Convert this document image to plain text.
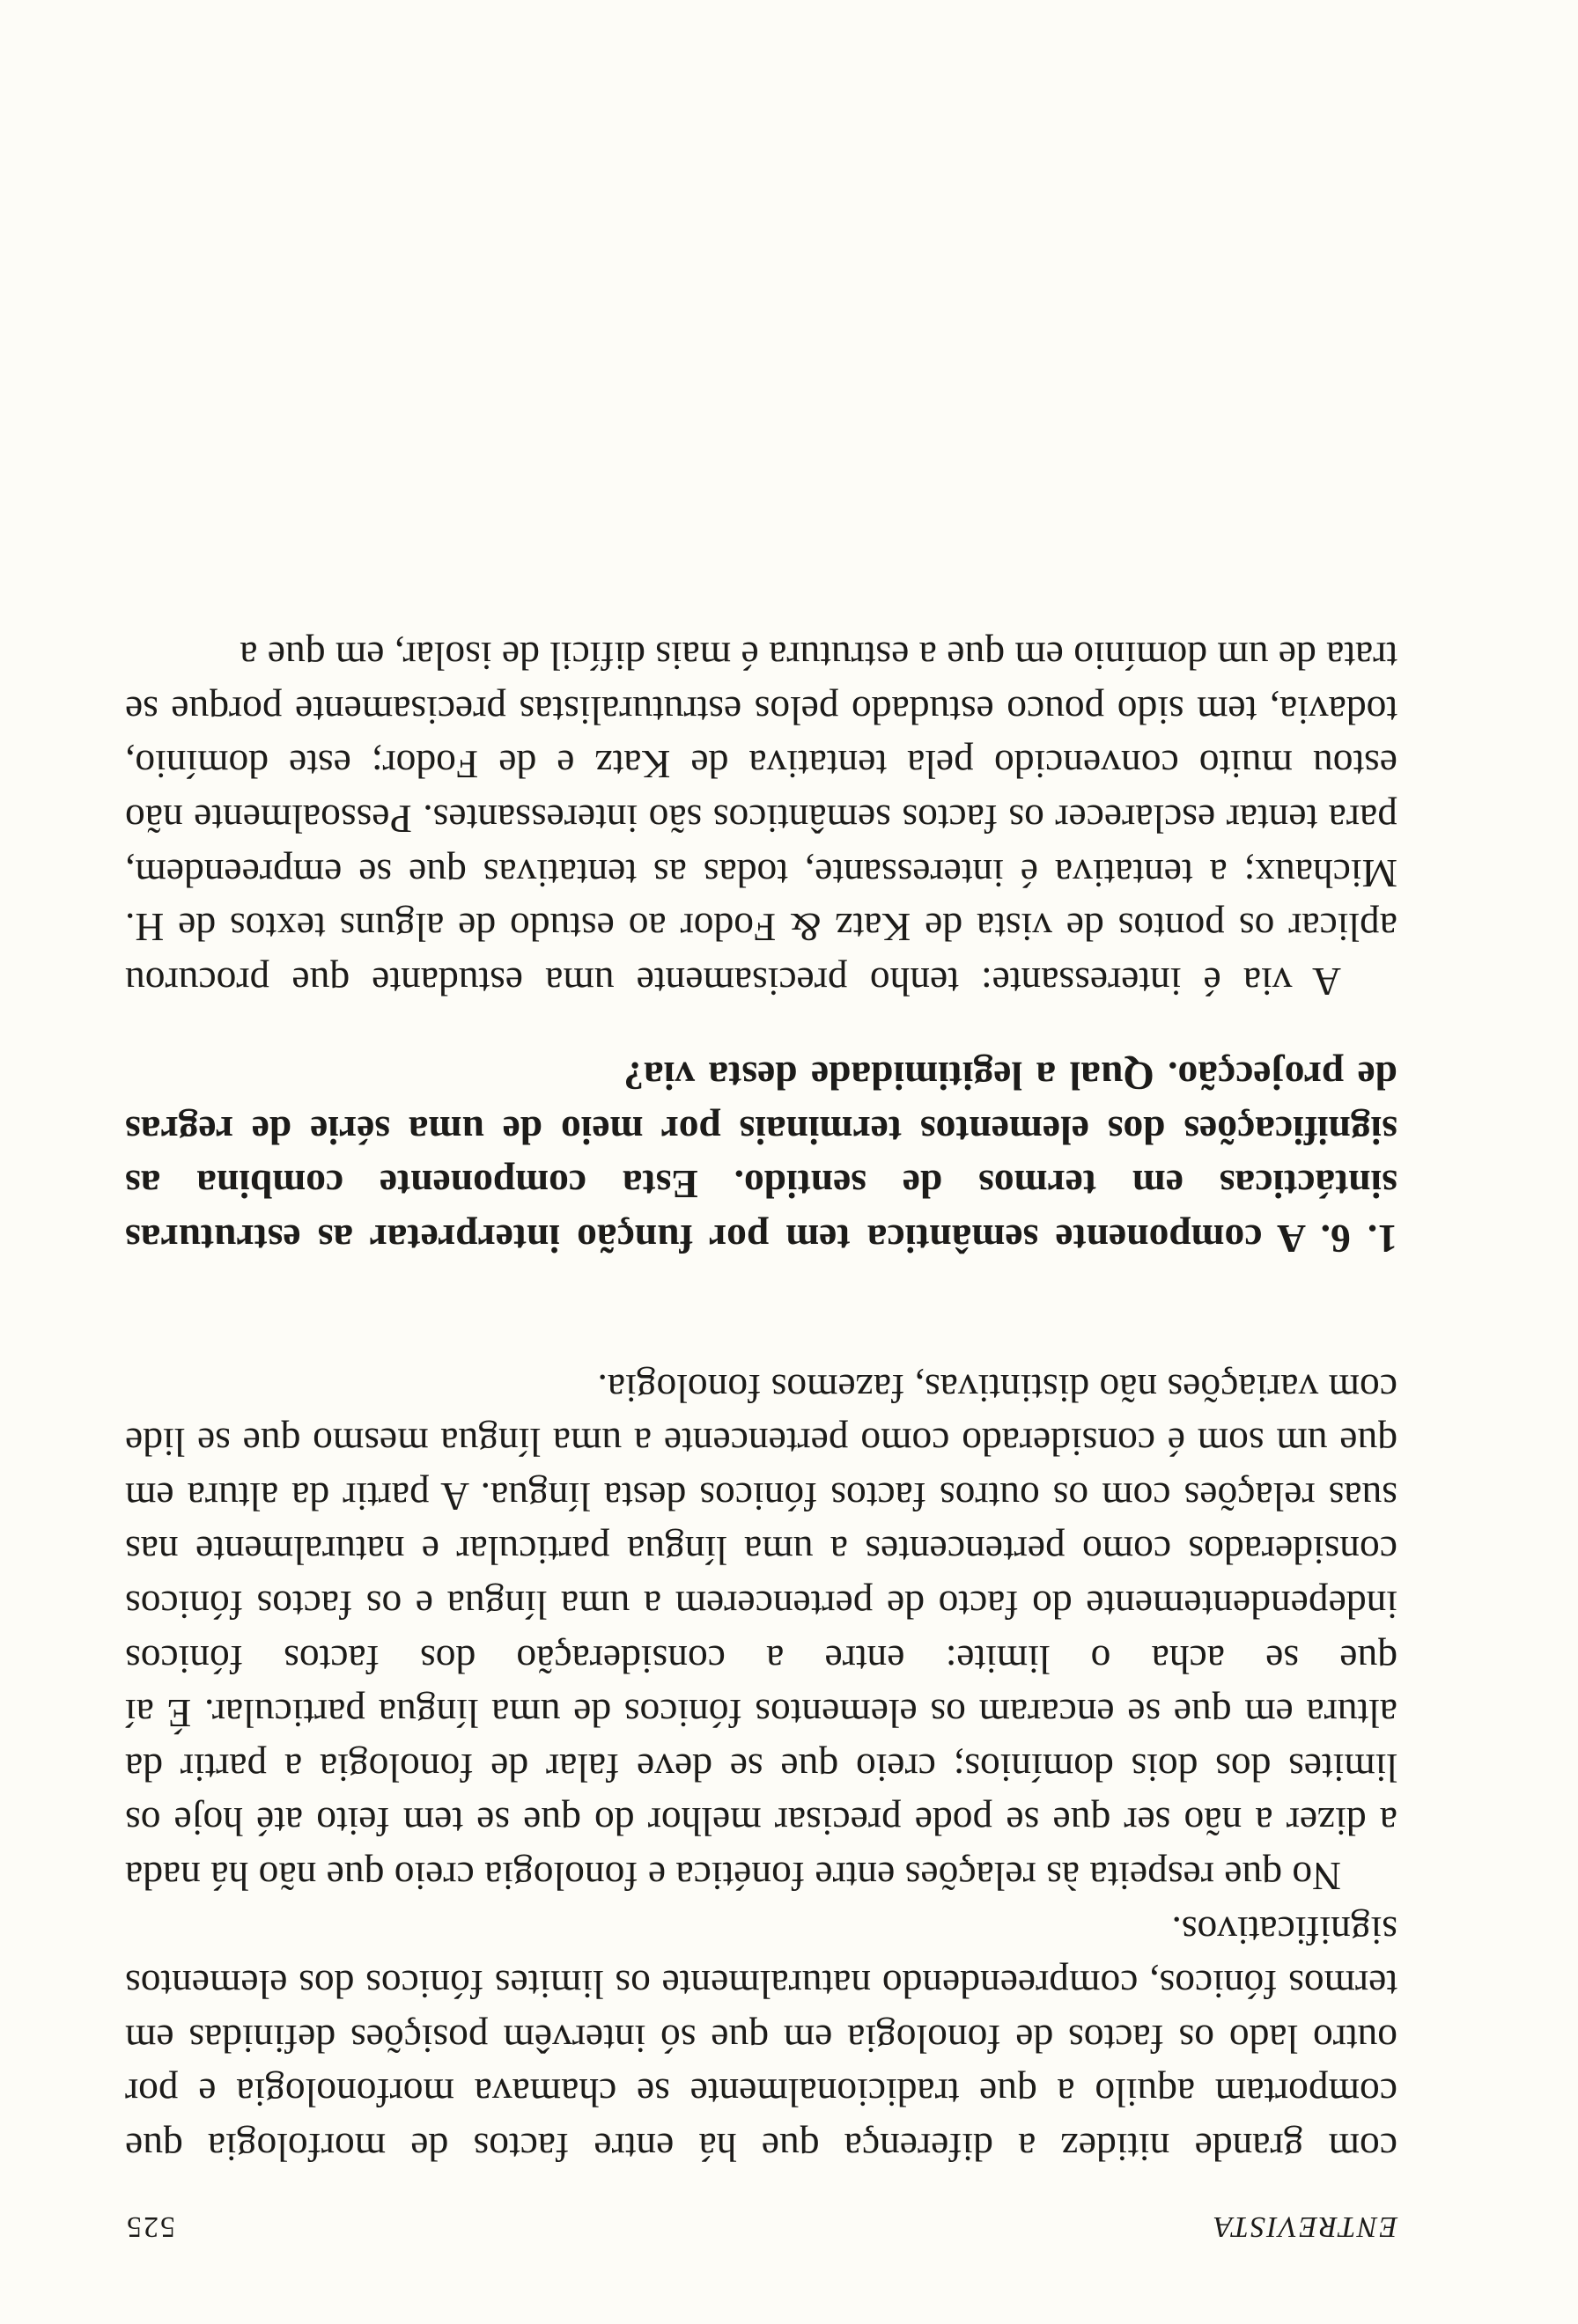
ENTREVISTA
525

com grande nitidez a diferença que há entre factos de morfologia que comportam aquilo a que tradicionalmente se chamava morfonologia e por outro lado os factos de fonologia em que só intervêm posições definidas em termos fónicos, compreendendo naturalmente os limites fónicos dos elementos significativos.

No que respeita às relações entre fonética e fonologia creio que não há nada a dizer a não ser que se pode precisar melhor do que se tem feito até hoje os limites dos dois domínios; creio que se deve falar de fonologia a partir da altura em que se encaram os elementos fónicos de uma língua particular. É aí que se acha o limite: entre a consideração dos factos fónicos independentemente do facto de pertencerem a uma língua e os factos fónicos considerados como pertencentes a uma língua particular e naturalmente nas suas relações com os outros factos fónicos desta língua. A partir da altura em que um som é considerado como pertencente a uma língua mesmo que se lide com variações não distintivas, fazemos fonologia.

1. 6. A componente semântica tem por função interpretar as estruturas sintácticas em termos de sentido. Esta componente combina as significações dos elementos terminais por meio de uma série de regras de projecção. Qual a legitimidade desta via?

A via é interessante: tenho precisamente uma estudante que procurou aplicar os pontos de vista de Katz & Fodor ao estudo de alguns textos de H. Michaux; a tentativa é interessante, todas as tentativas que se empreendem, para tentar esclarecer os factos semânticos são interessantes. Pessoalmente não estou muito convencido pela tentativa de Katz e de Fodor; este domínio, todavia, tem sido pouco estudado pelos estruturalistas precisamente porque se trata de um domínio em que a estrutura é mais difícil de isolar, em que a
